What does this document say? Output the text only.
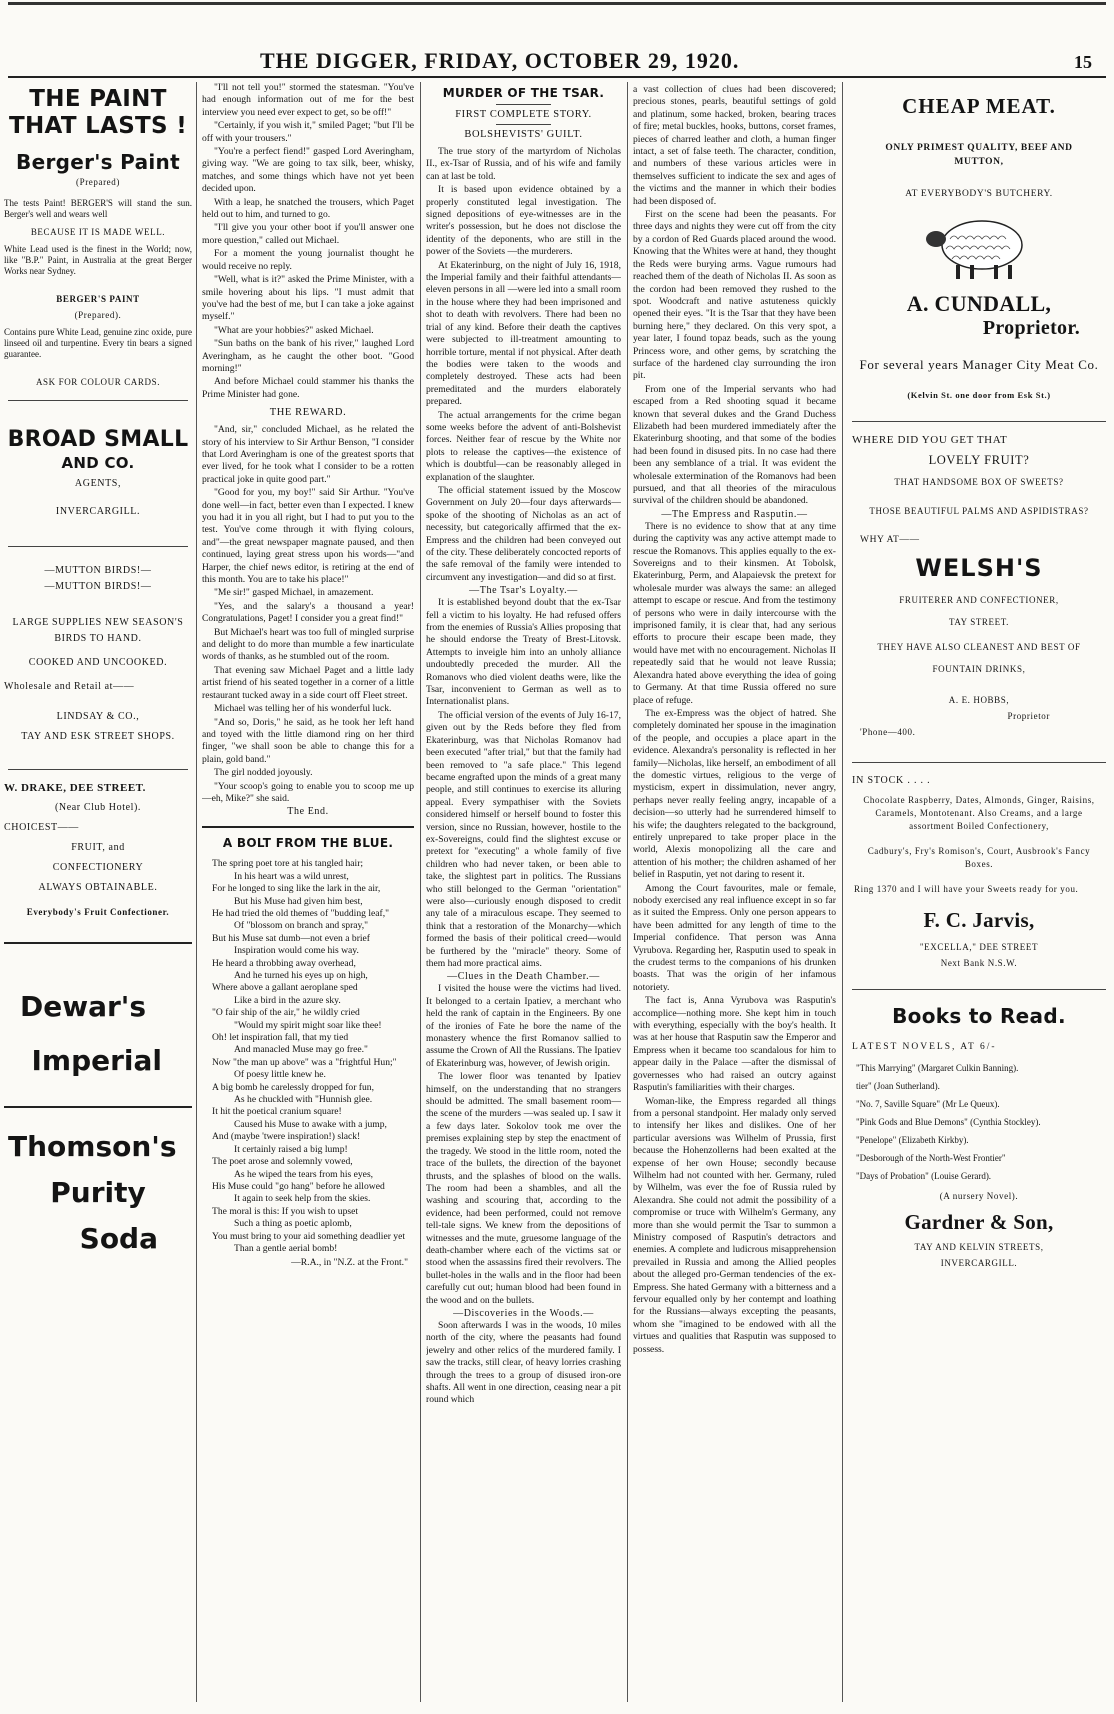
THE DIGGER, FRIDAY, OCTOBER 29, 1920.	15
THE PAINT THAT LASTS !
Berger's Paint
(Prepared)
The tests Paint! BERGER'S will stand the sun. Berger's well and wears well
BECAUSE IT IS MADE WELL.
White Lead used is the finest in the World; now, like "B.P." Paint, in Australia at the great Berger Works near Sydney.
BERGER'S PAINT
(Prepared).
Contains pure White Lead, genuine zinc oxide, pure linseed oil and turpentine. Every tin bears a signed guarantee.
ASK FOR COLOUR CARDS.
BROAD SMALL
AND CO.
AGENTS,
INVERCARGILL.
—MUTTON BIRDS!—
—MUTTON BIRDS!—
LARGE SUPPLIES NEW SEASON'S BIRDS TO HAND.
COOKED AND UNCOOKED.
Wholesale and Retail at——
LINDSAY & CO.,
TAY AND ESK STREET SHOPS.
W. DRAKE, DEE STREET.
(Near Club Hotel).
CHOICEST——
FRUIT, and
CONFECTIONERY
ALWAYS OBTAINABLE.
Everybody's Fruit Confectioner.
Dewar's
Imperial
Thomson's
Purity
Soda

"I'll not tell you!" stormed the statesman. "You've had enough information out of me for the best interview you need ever expect to get, so be off!"

"Certainly, if you wish it," smiled Paget; "but I'll be off with your trousers."

"You're a perfect fiend!" gasped Lord Averingham, giving way. "We are going to tax silk, beer, whisky, matches, and some things which have not yet been decided upon.

With a leap, he snatched the trousers, which Paget held out to him, and turned to go.

"I'll give you your other boot if you'll answer one more question," called out Michael.

For a moment the young journalist thought he would receive no reply.

"Well, what is it?" asked the Prime Minister, with a smile hovering about his lips. "I must admit that you've had the best of me, but I can take a joke against myself."

"What are your hobbies?" asked Michael.

"Sun baths on the bank of his river," laughed Lord Averingham, as he caught the other boot. "Good morning!"

And before Michael could stammer his thanks the Prime Minister had gone.

THE REWARD.

"And, sir," concluded Michael, as he related the story of his interview to Sir Arthur Benson, "I consider that Lord Averingham is one of the greatest sports that ever lived, for he took what I consider to be a rotten practical joke in quite good part."

"Good for you, my boy!" said Sir Arthur. "You've done well—in fact, better even than I expected. I knew you had it in you all right, but I had to put you to the test. You've come through it with flying colours, and"—the great newspaper magnate paused, and then continued, laying great stress upon his words—"and Harper, the chief news editor, is retiring at the end of this month. You are to take his place!"

"Me sir!" gasped Michael, in amazement.

"Yes, and the salary's a thousand a year! Congratulations, Paget! I consider you a great find!"

But Michael's heart was too full of mingled surprise and delight to do more than mumble a few inarticulate words of thanks, as he stumbled out of the room.

That evening saw Michael Paget and a little lady artist friend of his seated together in a corner of a little restaurant tucked away in a side court off Fleet street.

Michael was telling her of his wonderful luck.

"And so, Doris," he said, as he took her left hand and toyed with the little diamond ring on her third finger, "we shall soon be able to change this for a plain, gold band."

The girl nodded joyously.

"Your scoop's going to enable you to scoop me up—eh, Mike?" she said.

The End.
A BOLT FROM THE BLUE.
The spring poet tore at his tangled hair;
In his heart was a wild unrest,
For he longed to sing like the lark in the air,
But his Muse had given him best,
He had tried the old themes of "budding leaf,"
Of "blossom on branch and spray,"
But his Muse sat dumb—not even a brief
Inspiration would come his way.
He heard a throbbing away overhead,
And he turned his eyes up on high,
Where above a gallant aeroplane sped
Like a bird in the azure sky.
"O fair ship of the air," he wildly cried
"Would my spirit might soar like thee!
Oh! let inspiration fall, that my tied
And manacled Muse may go free."
Now "the man up above" was a "frightful Hun;"
Of poesy little knew he.
A big bomb he carelessly dropped for fun,
As he chuckled with "Hunnish glee.
It hit the poetical cranium square!
Caused his Muse to awake with a jump,
And (maybe 'twere inspiration!) slack!
It certainly raised a big lump!
The poet arose and solemnly vowed,
As he wiped the tears from his eyes,
His Muse could "go hang" before he allowed
It again to seek help from the skies.
The moral is this: If you wish to upset
Such a thing as poetic aplomb,
You must bring to your aid something deadlier yet
Than a gentle aerial bomb!
—R.A., in "N.Z. at the Front."
MURDER OF THE TSAR.
FIRST COMPLETE STORY.
BOLSHEVISTS' GUILT.

The true story of the martyrdom of Nicholas II., ex-Tsar of Russia, and of his wife and family can at last be told.

It is based upon evidence obtained by a properly constituted legal investigation. The signed depositions of eye-witnesses are in the writer's possession, but he does not disclose the identity of the deponents, who are still in the power of the Soviets —the murderers.

At Ekaterinburg, on the night of July 16, 1918, the Imperial family and their faithful attendants—eleven persons in all —were led into a small room in the house where they had been imprisoned and shot to death with revolvers. There had been no trial of any kind. Before their death the captives were subjected to ill-treatment amounting to horrible torture, mental if not physical. After death the bodies were taken to the woods and completely destroyed. These acts had been premeditated and the murders elaborately prepared.

The actual arrangements for the crime began some weeks before the advent of anti-Bolshevist forces. Neither fear of rescue by the White nor plots to release the captives—the existence of which is doubtful—can be reasonably alleged in explanation of the slaughter.

The official statement issued by the Moscow Government on July 20—four days afterwards—spoke of the shooting of Nicholas as an act of necessity, but categorically affirmed that the ex-Empress and the children had been conveyed out of the city. These deliberately concocted reports of the safe removal of the family were intended to circumvent any investigation—and did so at first.

—The Tsar's Loyalty.—

It is established beyond doubt that the ex-Tsar fell a victim to his loyalty. He had refused offers from the enemies of Russia's Allies proposing that he should endorse the Treaty of Brest-Litovsk. Attempts to inveigle him into an unholy alliance undoubtedly preceded the murder. All the Romanovs who died violent deaths were, like the Tsar, inconvenient to German as well as to Internationalist plans.

The official version of the events of July 16-17, given out by the Reds before they fled from Ekaterinburg, was that Nicholas Romanov had been executed "after trial," but that the family had been removed to "a safe place." This legend became engrafted upon the minds of a great many people, and still continues to exercise its alluring appeal. Every sympathiser with the Soviets considered himself or herself bound to foster this version, since no Russian, however, hostile to the ex-Sovereigns, could find the slightest excuse or pretext for "executing" a whole family of five children who had never taken, or been able to take, the slightest part in politics. The Russians who still belonged to the German "orientation" were also—curiously enough disposed to credit any tale of a miraculous escape. They seemed to think that a restoration of the Monarchy—which formed the basis of their political creed—would be furthered by the "miracle" theory. Some of them had more practical aims.

—Clues in the Death Chamber.—

I visited the house were the victims had lived. It belonged to a certain Ipatiev, a merchant who held the rank of captain in the Engineers. By one of the ironies of Fate he bore the name of the monastery whence the first Romanov sallied to assume the Crown of All the Russians. The Ipatiev of Ekaterinburg was, however, of Jewish origin.

The lower floor was tenanted by Ipatiev himself, on the understanding that no strangers should be admitted. The small basement room—the scene of the murders —was sealed up. I saw it a few days later. Sokolov took me over the premises explaining step by step the enactment of the tragedy. We stood in the little room, noted the trace of the bullets, the direction of the bayonet thrusts, and the splashes of blood on the walls. The room had been a shambles, and all the washing and scouring that, according to the evidence, had been performed, could not remove tell-tale signs. We knew from the depositions of witnesses and the mute, gruesome language of the death-chamber where each of the victims sat or stood when the assassins fired their revolvers. The bullet-holes in the walls and in the floor had been carefully cut out; human blood had been found in the wood and on the bullets.

—Discoveries in the Woods.—

Soon afterwards I was in the woods, 10 miles north of the city, where the peasants had found jewelry and other relics of the murdered family. I saw the tracks, still clear, of heavy lorries crashing through the trees to a group of disused iron-ore shafts. All went in one direction, ceasing near a pit round which

a vast collection of clues had been discovered; precious stones, pearls, beautiful settings of gold and platinum, some hacked, broken, bearing traces of fire; metal buckles, hooks, buttons, corset frames, pieces of charred leather and cloth, a human finger intact, a set of false teeth. The character, condition, and numbers of these various articles were in themselves sufficient to indicate the sex and ages of the victims and the manner in which their bodies had been disposed of.

First on the scene had been the peasants. For three days and nights they were cut off from the city by a cordon of Red Guards placed around the wood. Knowing that the Whites were at hand, they thought the Reds were burying arms. Vague rumours had reached them of the death of Nicholas II. As soon as the cordon had been removed they rushed to the spot. Woodcraft and native astuteness quickly opened their eyes. "It is the Tsar that they have been burning here," they declared. On this very spot, a year later, I found topaz beads, such as the young Princess wore, and other gems, by scratching the surface of the hardened clay surrounding the iron pit.

From one of the Imperial servants who had escaped from a Red shooting squad it became known that several dukes and the Grand Duchess Elizabeth had been murdered immediately after the Ekaterinburg shooting, and that some of the bodies had been found in disused pits. In no case had there been any semblance of a trial. It was evident the wholesale extermination of the Romanovs had been pursued, and that all theories of the miraculous survival of the children should be abandoned.

—The Empress and Rasputin.—

There is no evidence to show that at any time during the captivity was any active attempt made to rescue the Romanovs. This applies equally to the ex-Sovereigns and to their kinsmen. At Tobolsk, Ekaterinburg, Perm, and Alapaievsk the pretext for wholesale murder was always the same: an alleged attempt to escape or rescue. And from the testimony of persons who were in daily intercourse with the imprisoned family, it is clear that, had any serious efforts to procure their escape been made, they would have met with no encouragement. Nicholas II repeatedly said that he would not leave Russia; Alexandra hated above everything the idea of going to Germany. At that time Russia offered no sure place of refuge.

The ex-Empress was the object of hatred. She completely dominated her spouse in the imagination of the people, and occupies a place apart in the evidence. Alexandra's personality is reflected in her family—Nicholas, like herself, an embodiment of all the domestic virtues, religious to the verge of mysticism, expert in dissimulation, never angry, perhaps never really feeling angry, incapable of a decision—so utterly had he surrendered himself to his wife; the daughters relegated to the background, entirely unprepared to take proper place in the world, Alexis monopolizing all the care and attention of his mother; the children ashamed of her belief in Rasputin, yet not daring to resent it.

Among the Court favourites, male or female, nobody exercised any real influence except in so far as it suited the Empress. Only one person appears to have been admitted for any length of time to the Imperial confidence. That person was Anna Vyrubova. Regarding her, Rasputin used to speak in the crudest terms to the companions of his drunken boasts. That was the origin of her infamous notoriety.

The fact is, Anna Vyrubova was Rasputin's accomplice—nothing more. She kept him in touch with everything, especially with the boy's health. It was at her house that Rasputin saw the Emperor and Empress when it became too scandalous for him to appear daily in the Palace —after the dismissal of governesses who had raised an outcry against Rasputin's familiarities with their charges.

Woman-like, the Empress regarded all things from a personal standpoint. Her malady only served to intensify her likes and dislikes. One of her particular aversions was Wilhelm of Prussia, first because the Hohenzollerns had been exalted at the expense of her own House; secondly because Wilhelm had not counted with her. Germany, ruled by Wilhelm, was ever the foe of Russia ruled by Alexandra. She could not admit the possibility of a compromise or truce with Wilhelm's Germany, any more than she would permit the Tsar to summon a Ministry composed of Rasputin's detractors and enemies. A complete and ludicrous misapprehension prevailed in Russia and among the Allied peoples about the alleged pro-German tendencies of the ex-Empress. She hated Germany with a bitterness and a fervour equalled only by her contempt and loathing for the Russians—always excepting the peasants, whom she "imagined to be endowed with all the virtues and qualities that Rasputin was supposed to possess.

CHEAP MEAT.
ONLY PRIMEST QUALITY, BEEF AND MUTTON,
AT EVERYBODY'S BUTCHERY.
A. CUNDALL,
Proprietor.
For several years Manager City Meat Co.
(Kelvin St. one door from Esk St.)
WHERE DID YOU GET THAT
LOVELY FRUIT?
THAT HANDSOME BOX OF SWEETS?
THOSE BEAUTIFUL PALMS AND ASPIDISTRAS?
WHY AT——
WELSH'S
FRUITERER AND CONFECTIONER,
TAY STREET.
THEY HAVE ALSO CLEANEST AND BEST OF FOUNTAIN DRINKS,
A. E. HOBBS,
Proprietor
'Phone—400.
IN STOCK . . . .
Chocolate Raspberry, Dates, Almonds, Ginger, Raisins, Caramels, Montotenant. Also Creams, and a large assortment Boiled Confectionery,
Cadbury's, Fry's Romison's, Court, Ausbrook's Fancy Boxes.
Ring 1370 and I will have your Sweets ready for you.
F. C. Jarvis,
"EXCELLA," DEE STREET
Next Bank N.S.W.
Books to Read.
LATEST NOVELS, AT 6/-
"This Marrying" (Margaret Culkin Banning).
tier" (Joan Sutherland).
"No. 7, Saville Square" (Mr Le Queux).
"Pink Gods and Blue Demons" (Cynthia Stockley).
"Penelope" (Elizabeth Kirkby).
"Desborough of the North-West Frontier"
"Days of Probation" (Louise Gerard).
(A nursery Novel).
Gardner & Son,
TAY AND KELVIN STREETS,
INVERCARGILL.
